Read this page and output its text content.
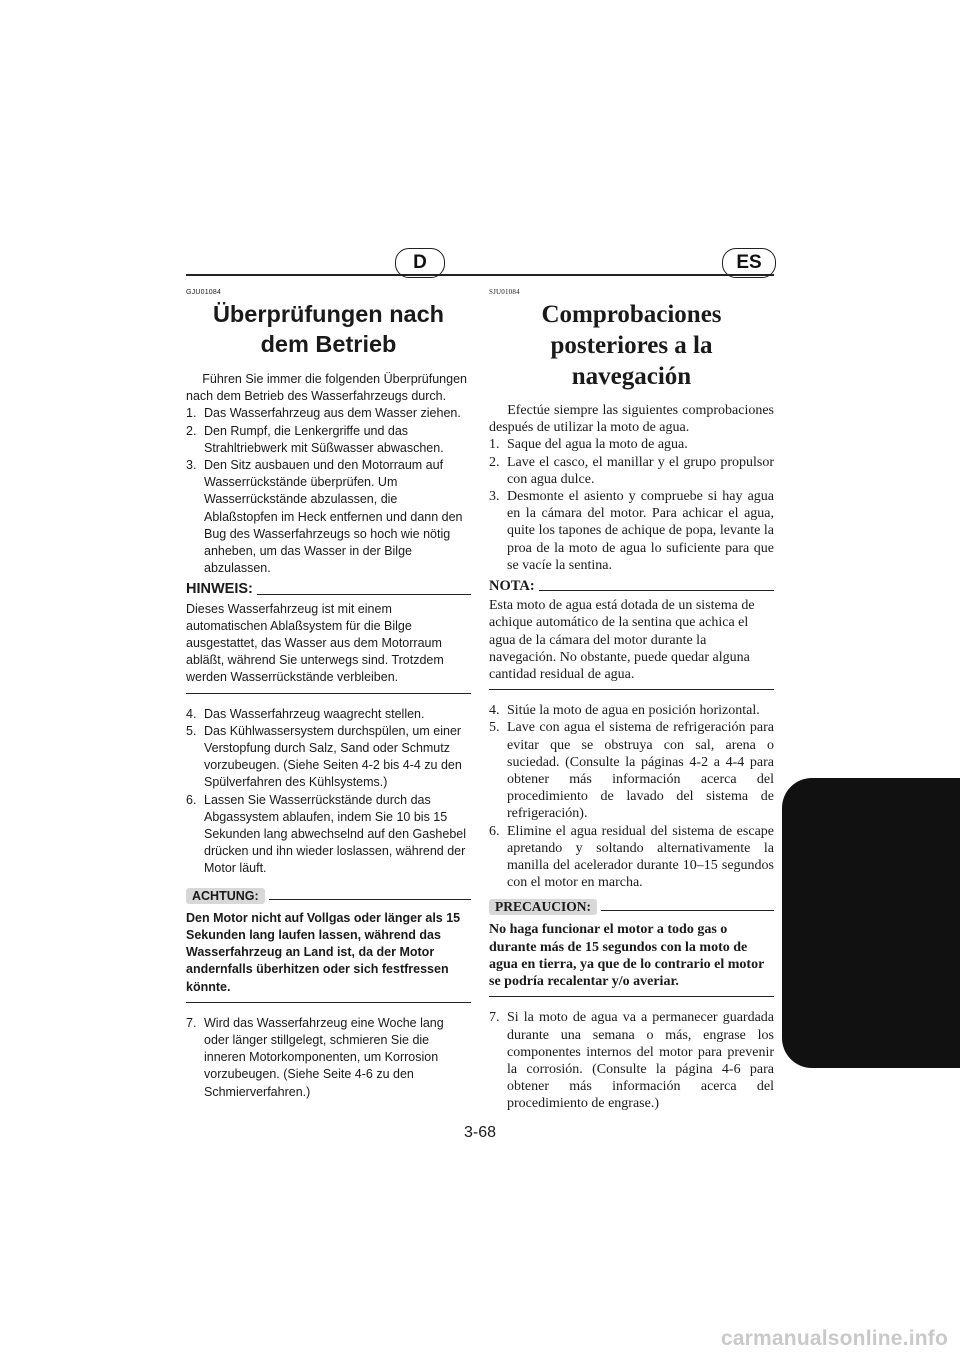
D	ES
GJU01084
Überprüfungen nach dem Betrieb

Führen Sie immer die folgenden Überprüfungen nach dem Betrieb des Wasserfahrzeugs durch.

1. Das Wasserfahrzeug aus dem Wasser ziehen.
2. Den Rumpf, die Lenkergriffe und das Strahltriebwerk mit Süßwasser abwaschen.
3. Den Sitz ausbauen und den Motorraum auf Wasserrückstände überprüfen. Um Wasserrückstände abzulassen, die Ablaßstopfen im Heck entfernen und dann den Bug des Wasserfahrzeugs so hoch wie nötig anheben, um das Wasser in der Bilge abzulassen.
HINWEIS:
Dieses Wasserfahrzeug ist mit einem automatischen Ablaßsystem für die Bilge ausgestattet, das Wasser aus dem Motorraum abläßt, während Sie unterwegs sind. Trotzdem werden Wasserrückstände verbleiben.
4. Das Wasserfahrzeug waagrecht stellen.
5. Das Kühlwassersystem durchspülen, um einer Verstopfung durch Salz, Sand oder Schmutz vorzubeugen. (Siehe Seiten 4-2 bis 4-4 zu den Spülverfahren des Kühlsystems.)
6. Lassen Sie Wasserrückstände durch das Abgassystem ablaufen, indem Sie 10 bis 15 Sekunden lang abwechselnd auf den Gashebel drücken und ihn wieder loslassen, während der Motor läuft.
ACHTUNG:
Den Motor nicht auf Vollgas oder länger als 15 Sekunden lang laufen lassen, während das Wasserfahrzeug an Land ist, da der Motor andernfalls überhitzen oder sich festfressen könnte.
7. Wird das Wasserfahrzeug eine Woche lang oder länger stillgelegt, schmieren Sie die inneren Motorkomponenten, um Korrosion vorzubeugen. (Siehe Seite 4-6 zu den Schmierverfahren.)
SJU01084
Comprobaciones posteriores a la navegación

Efectúe siempre las siguientes comprobaciones después de utilizar la moto de agua.

1. Saque del agua la moto de agua.
2. Lave el casco, el manillar y el grupo propulsor con agua dulce.
3. Desmonte el asiento y compruebe si hay agua en la cámara del motor. Para achicar el agua, quite los tapones de achique de popa, levante la proa de la moto de agua lo suficiente para que se vacíe la sentina.
NOTA:
Esta moto de agua está dotada de un sistema de achique automático de la sentina que achica el agua de la cámara del motor durante la navegación. No obstante, puede quedar alguna cantidad residual de agua.
4. Sitúe la moto de agua en posición horizontal.
5. Lave con agua el sistema de refrigeración para evitar que se obstruya con sal, arena o suciedad. (Consulte la páginas 4-2 a 4-4 para obtener más información acerca del procedimiento de lavado del sistema de refrigeración).
6. Elimine el agua residual del sistema de escape apretando y soltando alternativamente la manilla del acelerador durante 10–15 segundos con el motor en marcha.
PRECAUCION:
No haga funcionar el motor a todo gas o durante más de 15 segundos con la moto de agua en tierra, ya que de lo contrario el motor se podría recalentar y/o averiar.
7. Si la moto de agua va a permanecer guardada durante una semana o más, engrase los componentes internos del motor para prevenir la corrosión. (Consulte la página 4-6 para obtener más información acerca del procedimiento de engrase.)
3-68
carmanualsonline.info
